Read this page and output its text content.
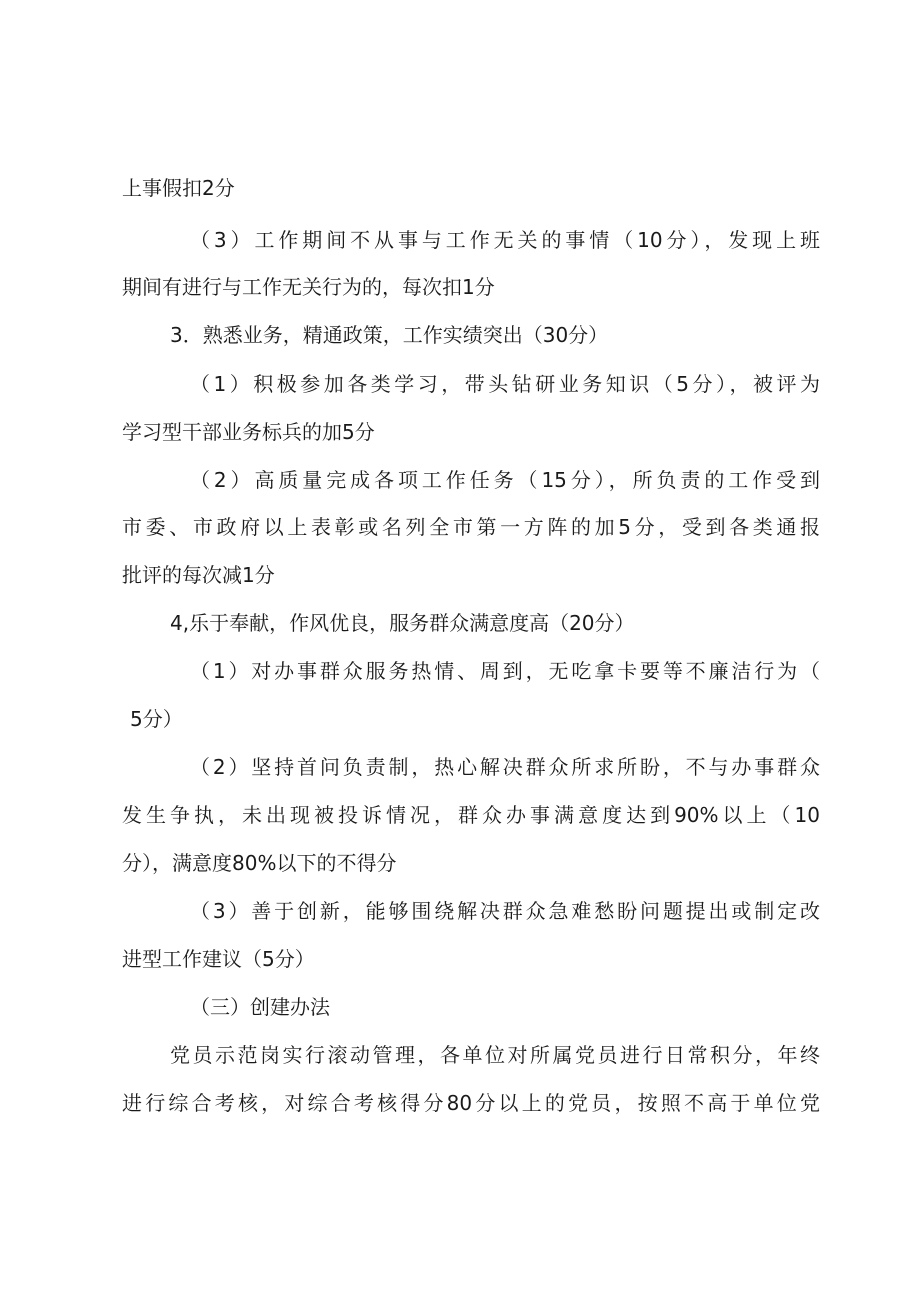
上事假扣2分
（3）工作期间不从事与工作无关的事情（10分），发现上班
期间有进行与工作无关行为的，每次扣1分
3．熟悉业务，精通政策，工作实绩突出（30分）
（1）积极参加各类学习，带头钻研业务知识（5分），被评为
学习型干部业务标兵的加5分
（2）高质量完成各项工作任务（15分），所负责的工作受到
市委、市政府以上表彰或名列全市第一方阵的加5分，受到各类通报
批评的每次减1分
4,乐于奉献，作风优良，服务群众满意度高（20分）
（1）对办事群众服务热情、周到，无吃拿卡要等不廉洁行为（
5分）
（2）坚持首问负责制，热心解决群众所求所盼，不与办事群众
发生争执，未出现被投诉情况，群众办事满意度达到90%以上（10
分），满意度80%以下的不得分
（3）善于创新，能够围绕解决群众急难愁盼问题提出或制定改
进型工作建议（5分）
（三）创建办法
党员示范岗实行滚动管理，各单位对所属党员进行日常积分，年终
进行综合考核，对综合考核得分80分以上的党员，按照不高于单位党
